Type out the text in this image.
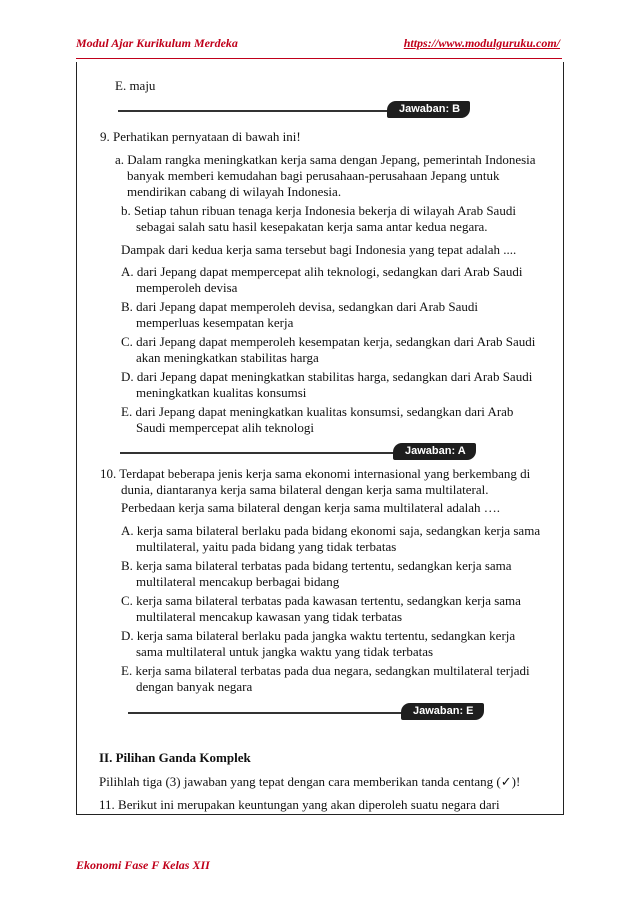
Modul Ajar Kurikulum Merdeka	https://www.modulguruku.com/
E. maju
Jawaban: B
9. Perhatikan pernyataan di bawah ini!
a. Dalam rangka meningkatkan kerja sama dengan Jepang, pemerintah Indonesia
banyak memberi kemudahan bagi perusahaan-perusahaan Jepang untuk
mendirikan cabang di wilayah Indonesia.
b. Setiap tahun ribuan tenaga kerja Indonesia bekerja di wilayah Arab Saudi
sebagai salah satu hasil kesepakatan kerja sama antar kedua negara.
Dampak dari kedua kerja sama tersebut bagi Indonesia yang tepat adalah ....
A. dari Jepang dapat mempercepat alih teknologi, sedangkan dari Arab Saudi
memperoleh devisa
B. dari Jepang dapat memperoleh devisa, sedangkan dari Arab Saudi
memperluas kesempatan kerja
C. dari Jepang dapat memperoleh kesempatan kerja, sedangkan dari Arab Saudi
akan meningkatkan stabilitas harga
D. dari Jepang dapat meningkatkan stabilitas harga, sedangkan dari Arab Saudi
meningkatkan kualitas konsumsi
E. dari Jepang dapat meningkatkan kualitas konsumsi, sedangkan dari Arab
Saudi mempercepat alih teknologi
Jawaban: A
10. Terdapat beberapa jenis kerja sama ekonomi internasional yang berkembang di
dunia, diantaranya kerja sama bilateral dengan kerja sama multilateral.
Perbedaan kerja sama bilateral dengan kerja sama multilateral adalah ….
A. kerja sama bilateral berlaku pada bidang ekonomi saja, sedangkan kerja sama
multilateral, yaitu pada bidang yang tidak terbatas
B. kerja sama bilateral terbatas pada bidang tertentu, sedangkan kerja sama
multilateral mencakup berbagai bidang
C. kerja sama bilateral terbatas pada kawasan tertentu, sedangkan kerja sama
multilateral mencakup kawasan yang tidak terbatas
D. kerja sama bilateral berlaku pada jangka waktu tertentu, sedangkan kerja
sama multilateral untuk jangka waktu yang tidak terbatas
E. kerja sama bilateral terbatas pada dua negara, sedangkan multilateral terjadi
dengan banyak negara
Jawaban: E
II. Pilihan Ganda Komplek
Pilihlah tiga (3) jawaban yang tepat dengan cara memberikan tanda centang (✓)!
11. Berikut ini merupakan keuntungan yang akan diperoleh suatu negara dari
Ekonomi Fase F Kelas XII
